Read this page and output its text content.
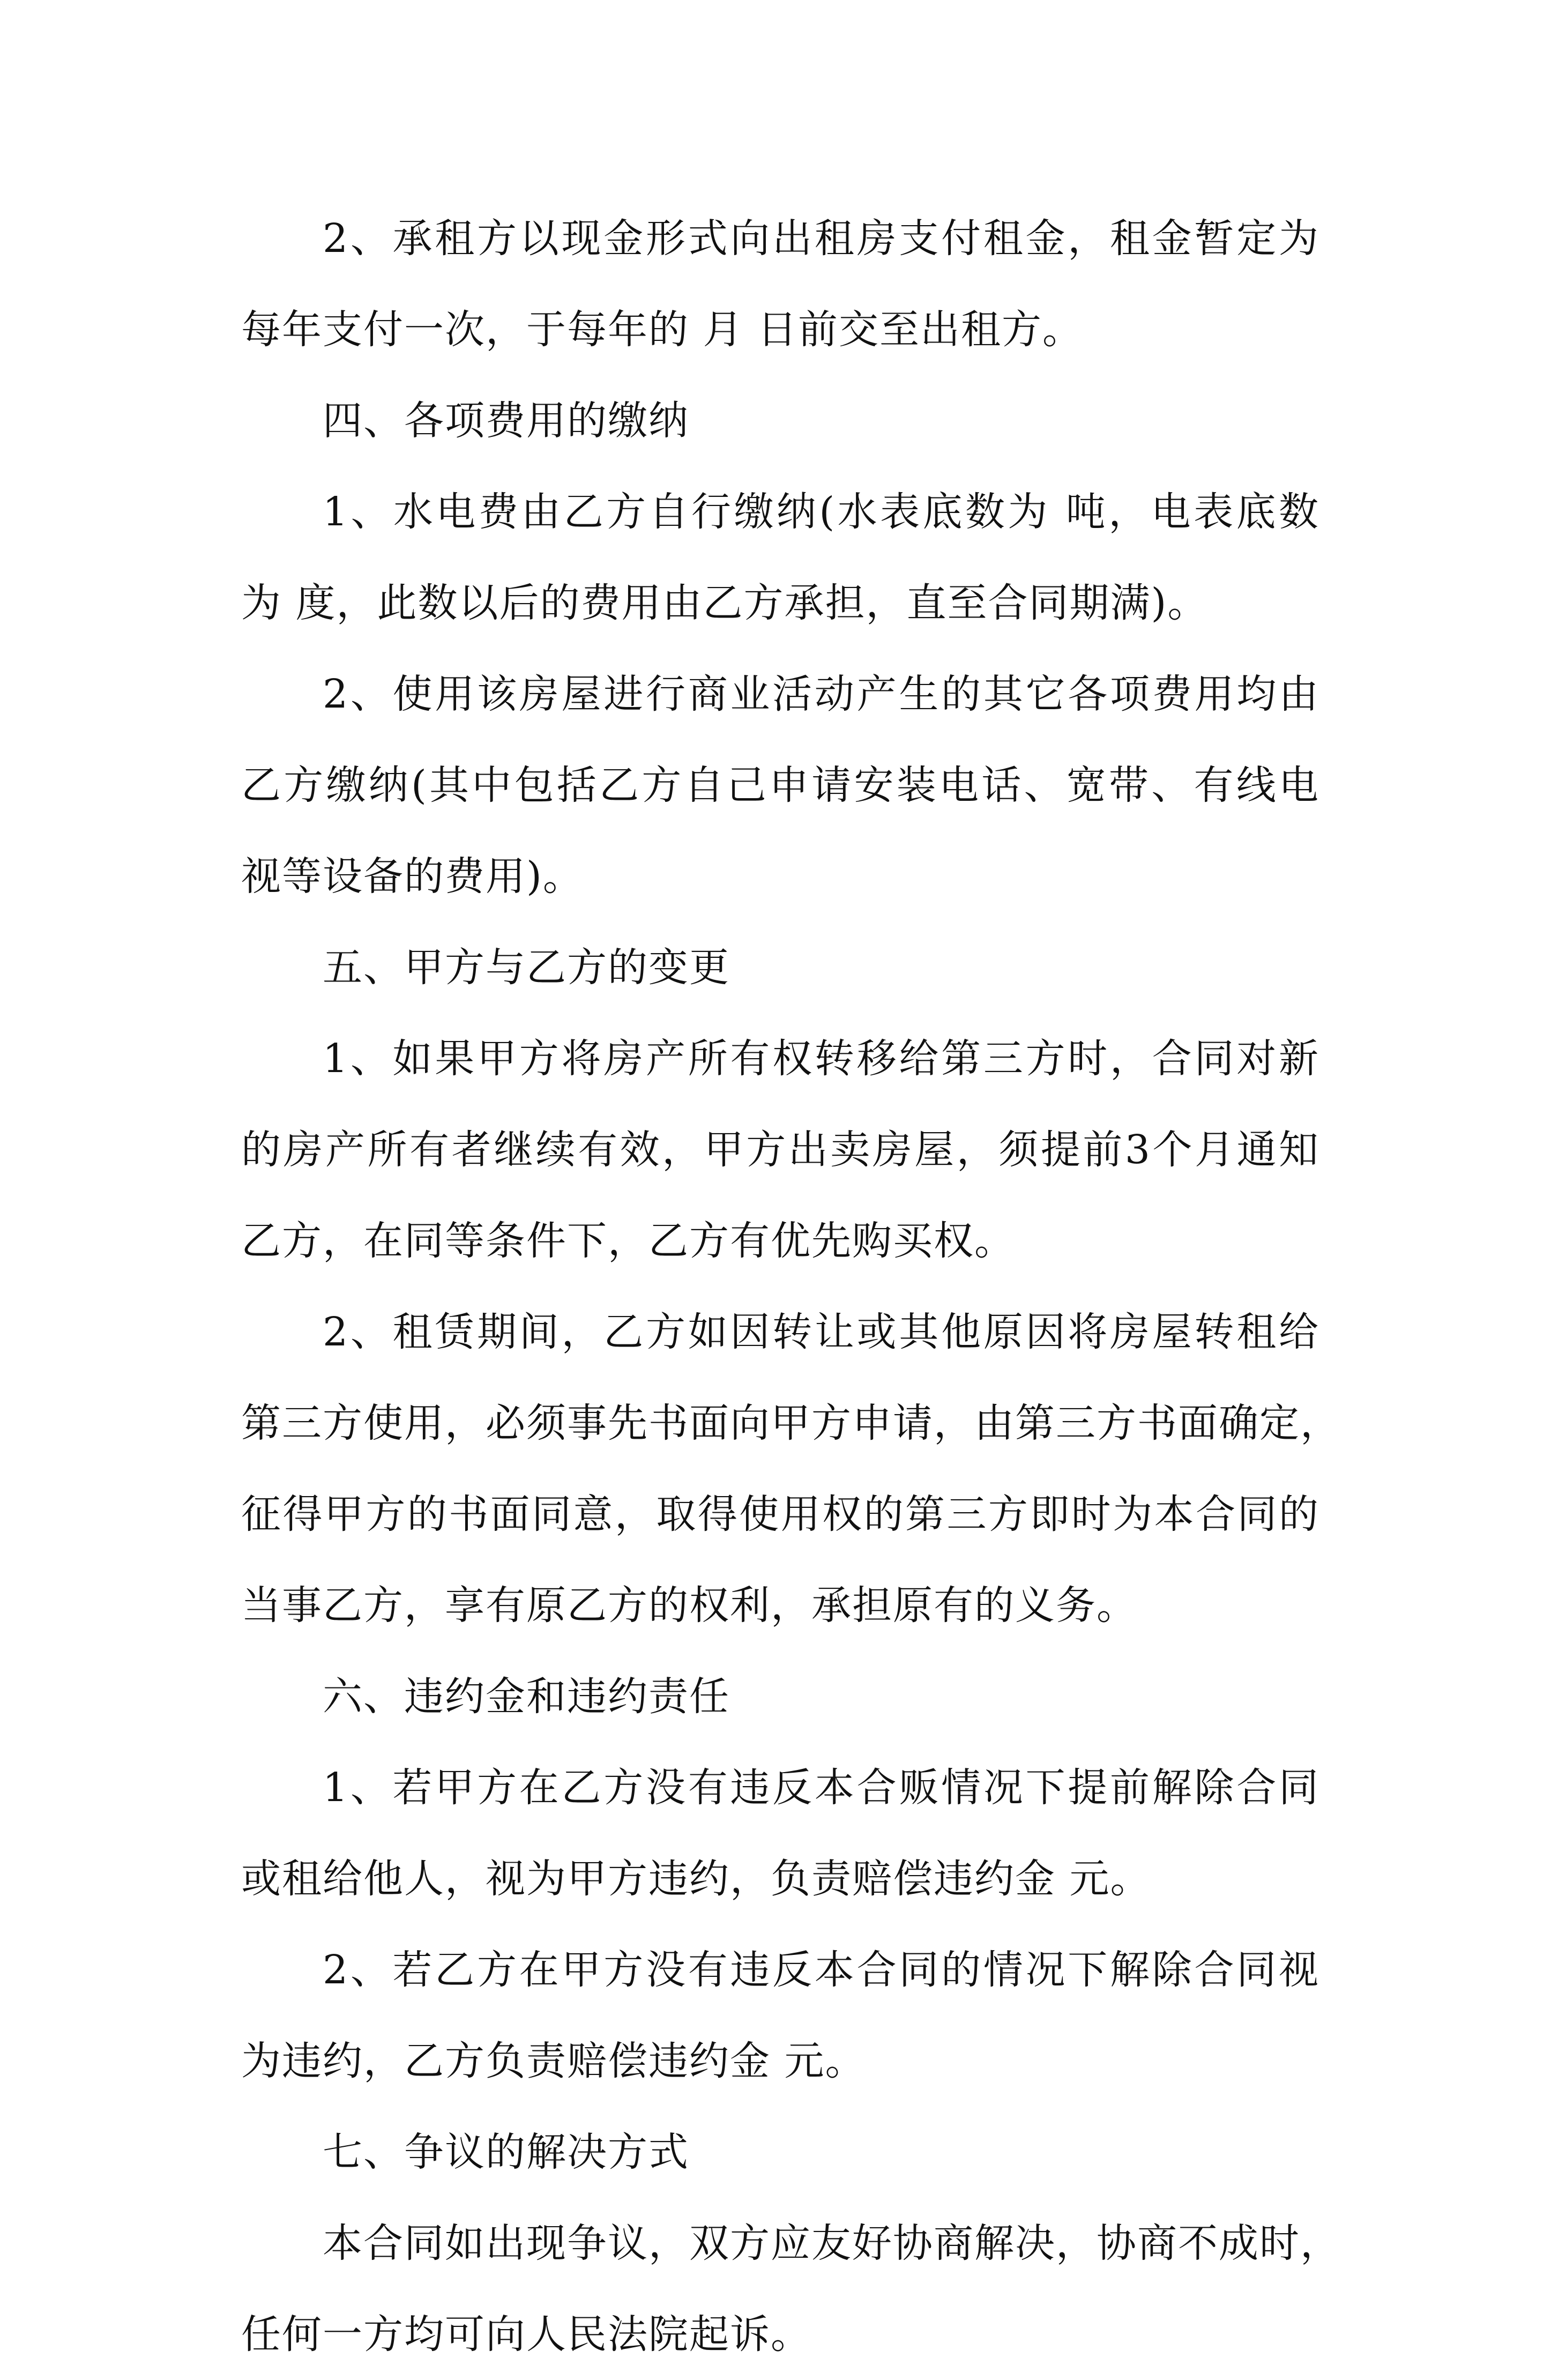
2、承租方以现金形式向出租房支付租金，租金暂定为
每年支付一次，于每年的 月 日前交至出租方。
四、各项费用的缴纳
1、水电费由乙方自行缴纳(水表底数为 吨，电表底数
为 度，此数以后的费用由乙方承担，直至合同期满)。
2、使用该房屋进行商业活动产生的其它各项费用均由
乙方缴纳(其中包括乙方自己申请安装电话、宽带、有线电
视等设备的费用)。
五、甲方与乙方的变更
1、如果甲方将房产所有权转移给第三方时，合同对新
的房产所有者继续有效，甲方出卖房屋，须提前3个月通知
乙方，在同等条件下，乙方有优先购买权。
2、租赁期间，乙方如因转让或其他原因将房屋转租给
第三方使用，必须事先书面向甲方申请，由第三方书面确定，
征得甲方的书面同意，取得使用权的第三方即时为本合同的
当事乙方，享有原乙方的权利，承担原有的义务。
六、违约金和违约责任
1、若甲方在乙方没有违反本合贩情况下提前解除合同
或租给他人，视为甲方违约，负责赔偿违约金 元。
2、若乙方在甲方没有违反本合同的情况下解除合同视
为违约，乙方负责赔偿违约金 元。
七、争议的解决方式
本合同如出现争议，双方应友好协商解决，协商不成时，
任何一方均可向人民法院起诉。
